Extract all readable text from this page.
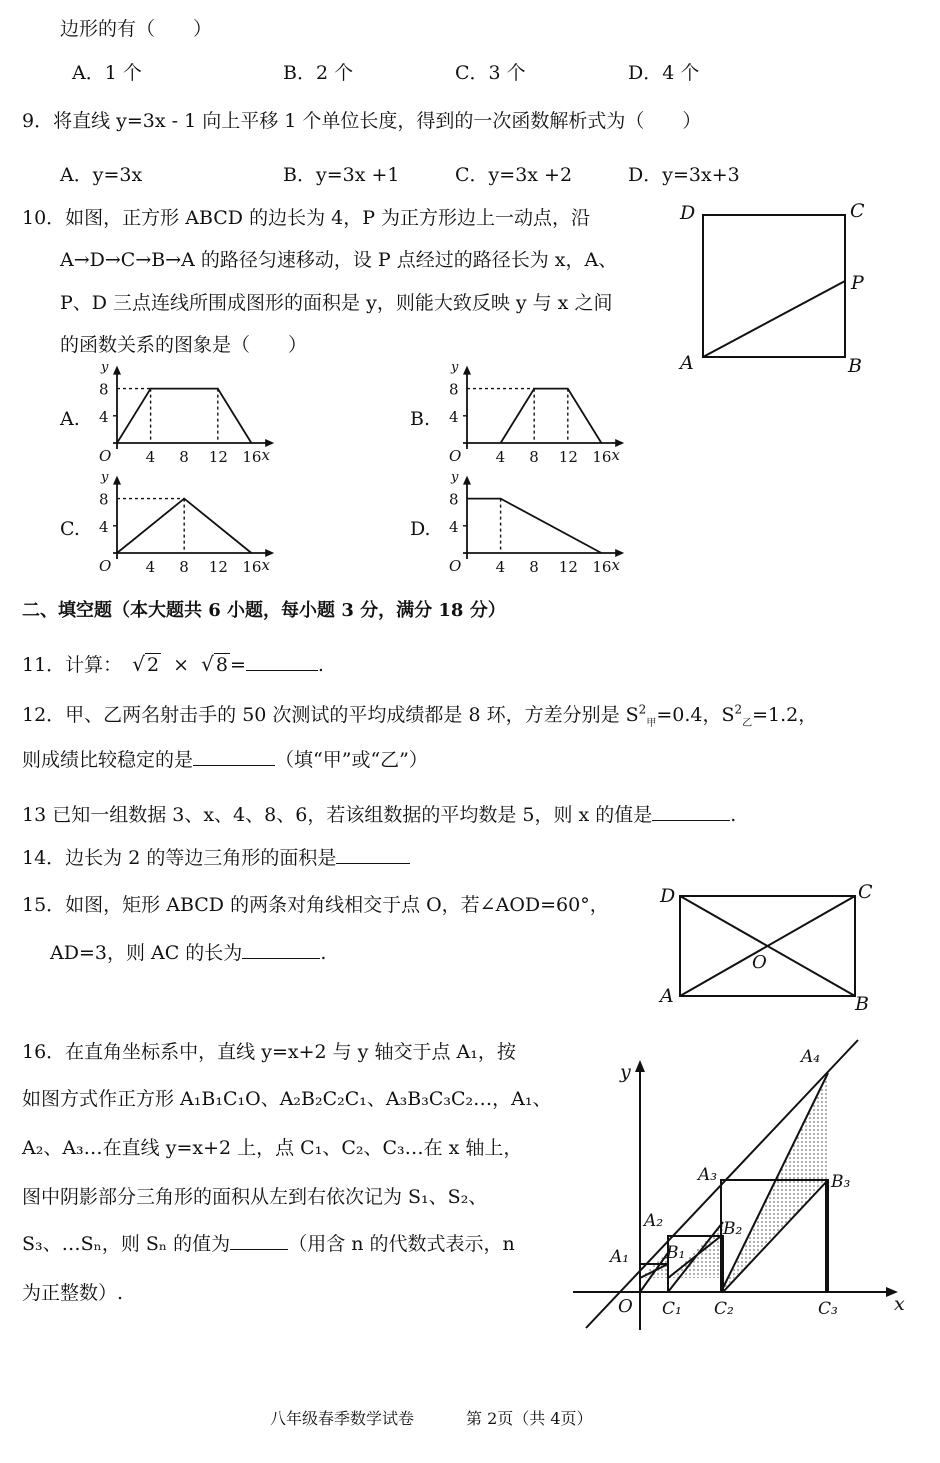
边形的有（　　）
A．1 个	B．2 个	C．3 个	D．4 个
9．将直线 y=3x - 1 向上平移 1 个单位长度，得到的一次函数解析式为（　　）
A．y=3x	B．y=3x +1	C．y=3x +2	D．y=3x+3
10．如图，正方形 ABCD 的边长为 4，P 为正方形边上一动点，沿
A→D→C→B→A 的路径匀速移动，设 P 点经过的路径长为 x，A、
P、D 三点连线所围成图形的面积是 y，则能大致反映 y 与 x 之间
的函数关系的图象是（　　）
D	C
P
A	B
A.	B.
C.	D.
y
8
4
O 4 8 12 16 x
y
8
4
O 4 8 12 16 x
y
8
4
O 4 8 12 16 x
y
8
4
O 4 8 12 16 x
二、填空题（本大题共 6 小题，每小题 3 分，满分 18 分）
11．计算： √ 2 × √ 8 =	.
12．甲、乙两名射击手的 50 次测试的平均成绩都是 8 环，方差分别是 $S^2_甲=0.4$，$S^2_乙=1.2$，
则成绩比较稳定的是	（填“甲”或“乙”）
13 已知一组数据 3、x、4、8、6，若该组数据的平均数是 5，则 x 的值是	.
14．边长为 2 的等边三角形的面积是
15．如图，矩形 ABCD 的两条对角线相交于点 O，若∠AOD=60°，
AD=3，则 AC 的长为	.
D	C
O
A	B
16．在直角坐标系中，直线 y=x+2 与 y 轴交于点 A₁，按
如图方式作正方形 A₁B₁C₁O、A₂B₂C₂C₁、A₃B₃C₃C₂…，A₁、
A₂、A₃…在直线 y=x+2 上，点 C₁、C₂、C₃…在 x 轴上，
图中阴影部分三角形的面积从左到右依次记为 S₁、S₂、
S₃、…Sₙ，则 Sₙ 的值为	（用含 n 的代数式表示，n
为正整数）.
y
x
O
A₁
A₂
A₃
A₄
B₁
B₂
B₃
C₁ C₂	C₃
八年级春季数学试卷	第 2页（共 4页）
